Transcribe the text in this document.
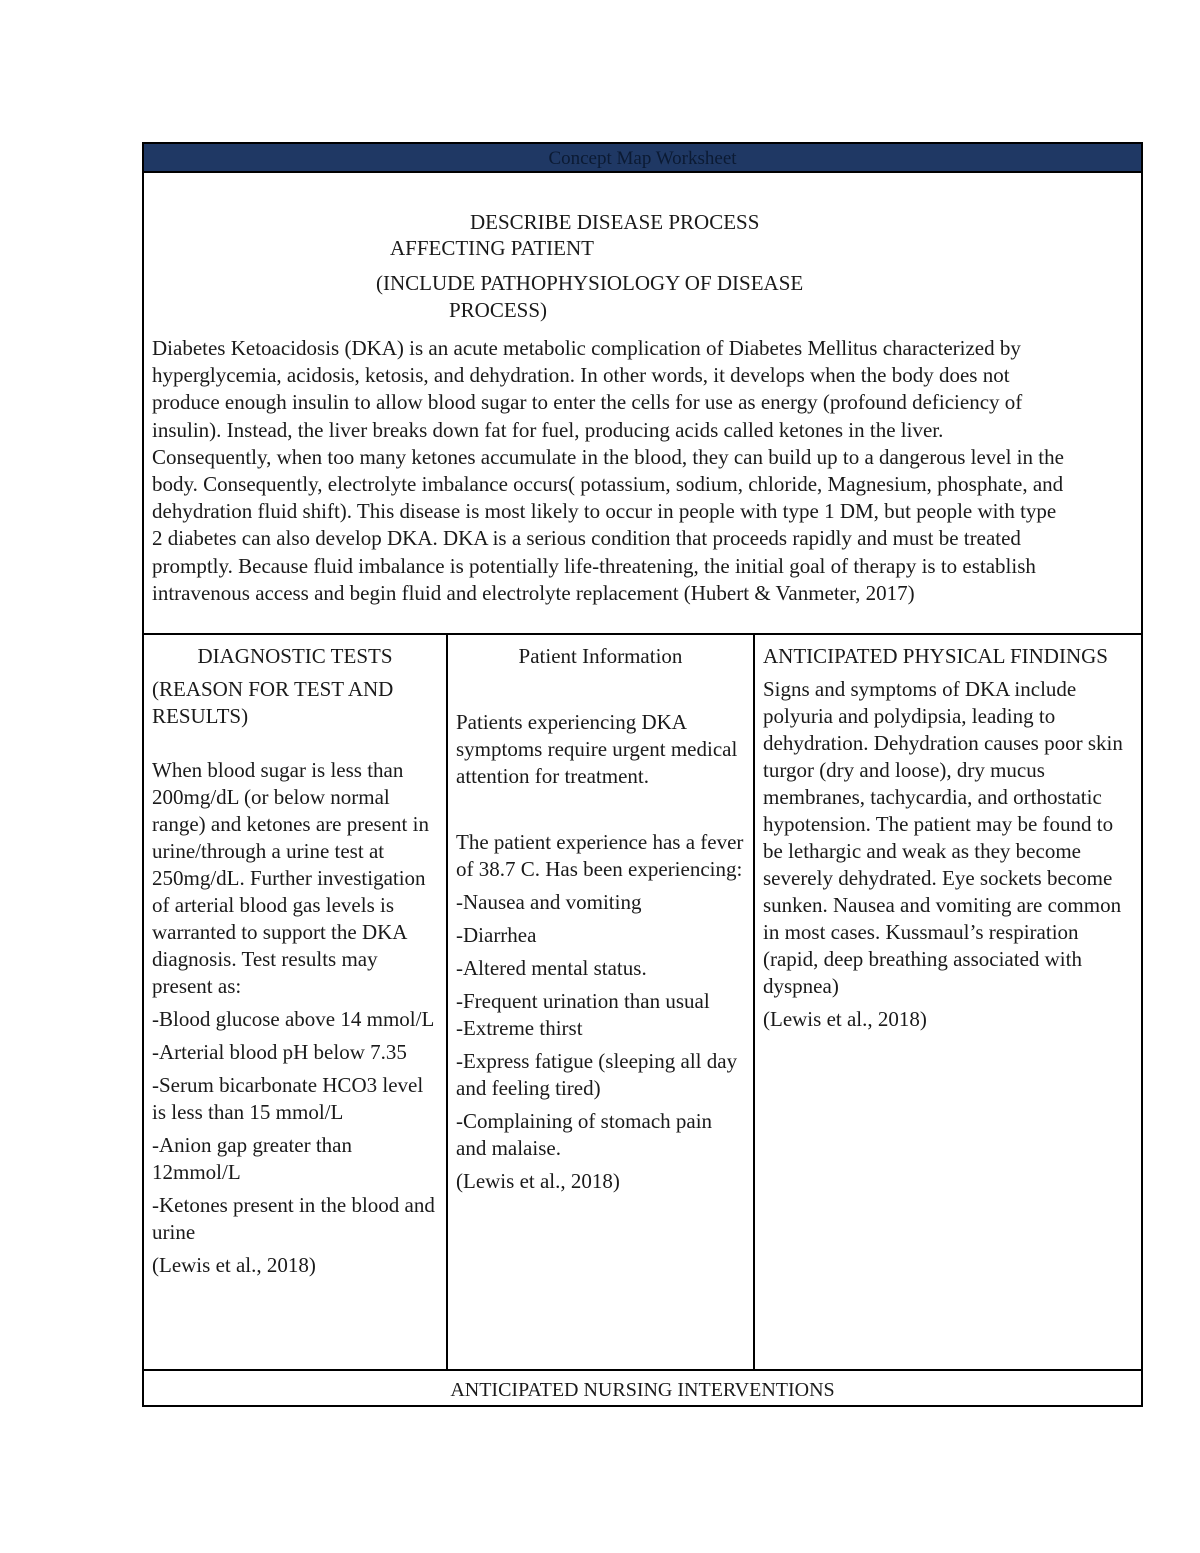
Concept Map Worksheet
DESCRIBE DISEASE PROCESS
AFFECTING PATIENT
(INCLUDE PATHOPHYSIOLOGY OF DISEASE
PROCESS)

Diabetes Ketoacidosis (DKA) is an acute metabolic complication of Diabetes Mellitus characterized by hyperglycemia, acidosis, ketosis, and dehydration. In other words, it develops when the body does not produce enough insulin to allow blood sugar to enter the cells for use as energy (profound deficiency of insulin). Instead, the liver breaks down fat for fuel, producing acids called ketones in the liver. Consequently, when too many ketones accumulate in the blood, they can build up to a dangerous level in the body. Consequently, electrolyte imbalance occurs( potassium, sodium, chloride, Magnesium, phosphate, and dehydration fluid shift). This disease is most likely to occur in people with type 1 DM, but people with type 2 diabetes can also develop DKA. DKA is a serious condition that proceeds rapidly and must be treated promptly. Because fluid imbalance is potentially life-threatening, the initial goal of therapy is to establish intravenous access and begin fluid and electrolyte replacement (Hubert & Vanmeter, 2017)

DIAGNOSTIC TESTS

(REASON FOR TEST AND RESULTS)

When blood sugar is less than 200mg/dL (or below normal range) and ketones are present in urine/through a urine test at 250mg/dL. Further investigation of arterial blood gas levels is warranted to support the DKA diagnosis. Test results may present as:

-Blood glucose above 14 mmol/L

-Arterial blood pH below 7.35

-Serum bicarbonate HCO3 level is less than 15 mmol/L

-Anion gap greater than 12mmol/L

-Ketones present in the blood and urine

(Lewis et al., 2018)

Patient Information

Patients experiencing DKA symptoms require urgent medical attention for treatment.

The patient experience has a fever of 38.7 C. Has been experiencing:

-Nausea and vomiting

-Diarrhea

-Altered mental status.

-Frequent urination than usual

-Extreme thirst

-Express fatigue (sleeping all day and feeling tired)

-Complaining of stomach pain and malaise.

(Lewis et al., 2018)

ANTICIPATED PHYSICAL FINDINGS

Signs and symptoms of DKA include polyuria and polydipsia, leading to dehydration. Dehydration causes poor skin turgor (dry and loose), dry mucus membranes, tachycardia, and orthostatic hypotension. The patient may be found to be lethargic and weak as they become severely dehydrated. Eye sockets become sunken. Nausea and vomiting are common in most cases. Kussmaul’s respiration (rapid, deep breathing associated with dyspnea)

(Lewis et al., 2018)

ANTICIPATED NURSING INTERVENTIONS
